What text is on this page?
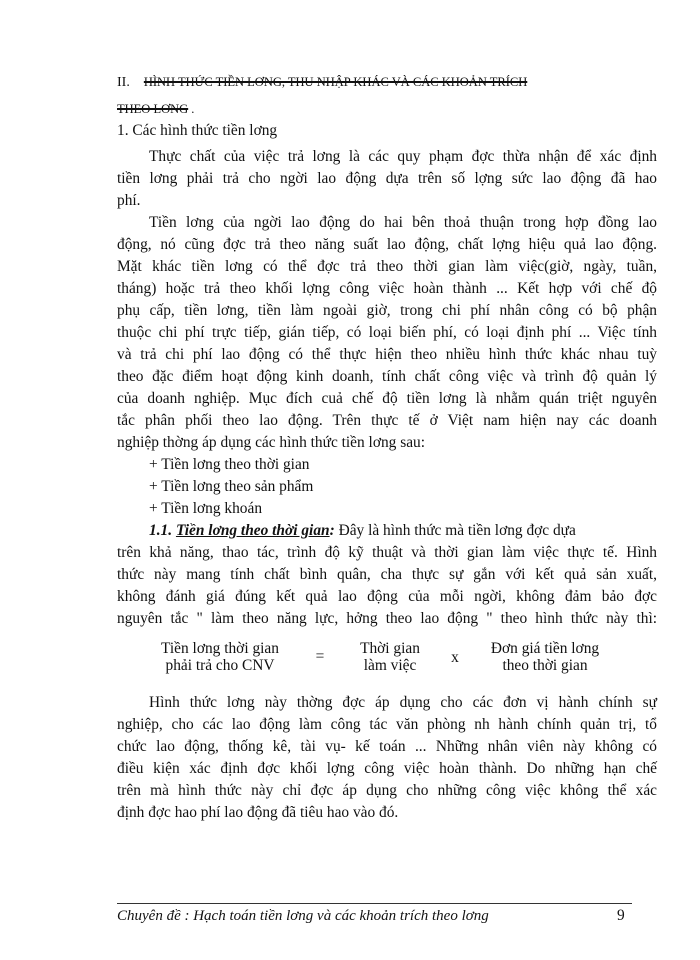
II. HÌNH THỨC TIỀN LƠNG, THU NHẬP KHÁC VÀ CÁC KHOẢN TRÍCH
THEO LƠNG .
1. Các hình thức tiền lơng
Thực chất của việc trả lơng là các quy phạm đợc thừa nhận để xác định
tiền lơng phải trả cho ngời lao động dựa trên số lợng sức lao động đã hao
phí.
Tiền lơng của ngời lao động do hai bên thoả thuận trong hợp đồng lao
động, nó cũng đợc trả theo năng suất lao động, chất lợng hiệu quả lao động.
Mặt khác tiền lơng có thể đợc trả theo thời gian làm việc(giờ, ngày, tuần,
tháng) hoặc trả theo khối lợng công việc hoàn thành ... Kết hợp với chế độ
phụ cấp, tiền lơng, tiền làm ngoài giờ, trong chi phí nhân công có bộ phận
thuộc chi phí trực tiếp, gián tiếp, có loại biến phí, có loại định phí ... Việc tính
và trả chi phí lao động có thể thực hiện theo nhiều hình thức khác nhau tuỳ
theo đặc điểm hoạt động kinh doanh, tính chất công việc và trình độ quản lý
của doanh nghiệp. Mục đích cuả chế độ tiền lơng là nhằm quán triệt nguyên
tắc phân phối theo lao động. Trên thực tế ở Việt nam hiện nay các doanh
nghiệp thờng áp dụng các hình thức tiền lơng sau:
+ Tiền lơng theo thời gian
+ Tiền lơng theo sản phẩm
+ Tiền lơng khoán
1.1. Tiền lơng theo thời gian: Đây là hình thức mà tiền lơng đợc dựa
trên khả năng, thao tác, trình độ kỹ thuật và thời gian làm việc thực tế. Hình
thức này mang tính chất bình quân, cha thực sự gắn với kết quả sản xuất,
không đánh giá đúng kết quả lao động của mỗi ngời, không đảm bảo đợc
nguyên tắc " làm theo năng lực, hởng theo lao động " theo hình thức này thì:
Tiền lơng thời gian
phải trả cho CNV
=	Thời gian
làm việc	x
Đơn giá tiền lơng
theo thời gian
Hình thức lơng này thờng đợc áp dụng cho các đơn vị hành chính sự
nghiệp, cho các lao động làm công tác văn phòng nh hành chính quản trị, tổ
chức lao động, thống kê, tài vụ- kế toán ... Những nhân viên này không có
điều kiện xác định đợc khối lợng công việc hoàn thành. Do những hạn chế
trên mà hình thức này chỉ đợc áp dụng cho những công việc không thể xác
định đợc hao phí lao động đã tiêu hao vào đó.
Chuyên đề : Hạch toán tiền lơng và các khoản trích theo lơng	9
